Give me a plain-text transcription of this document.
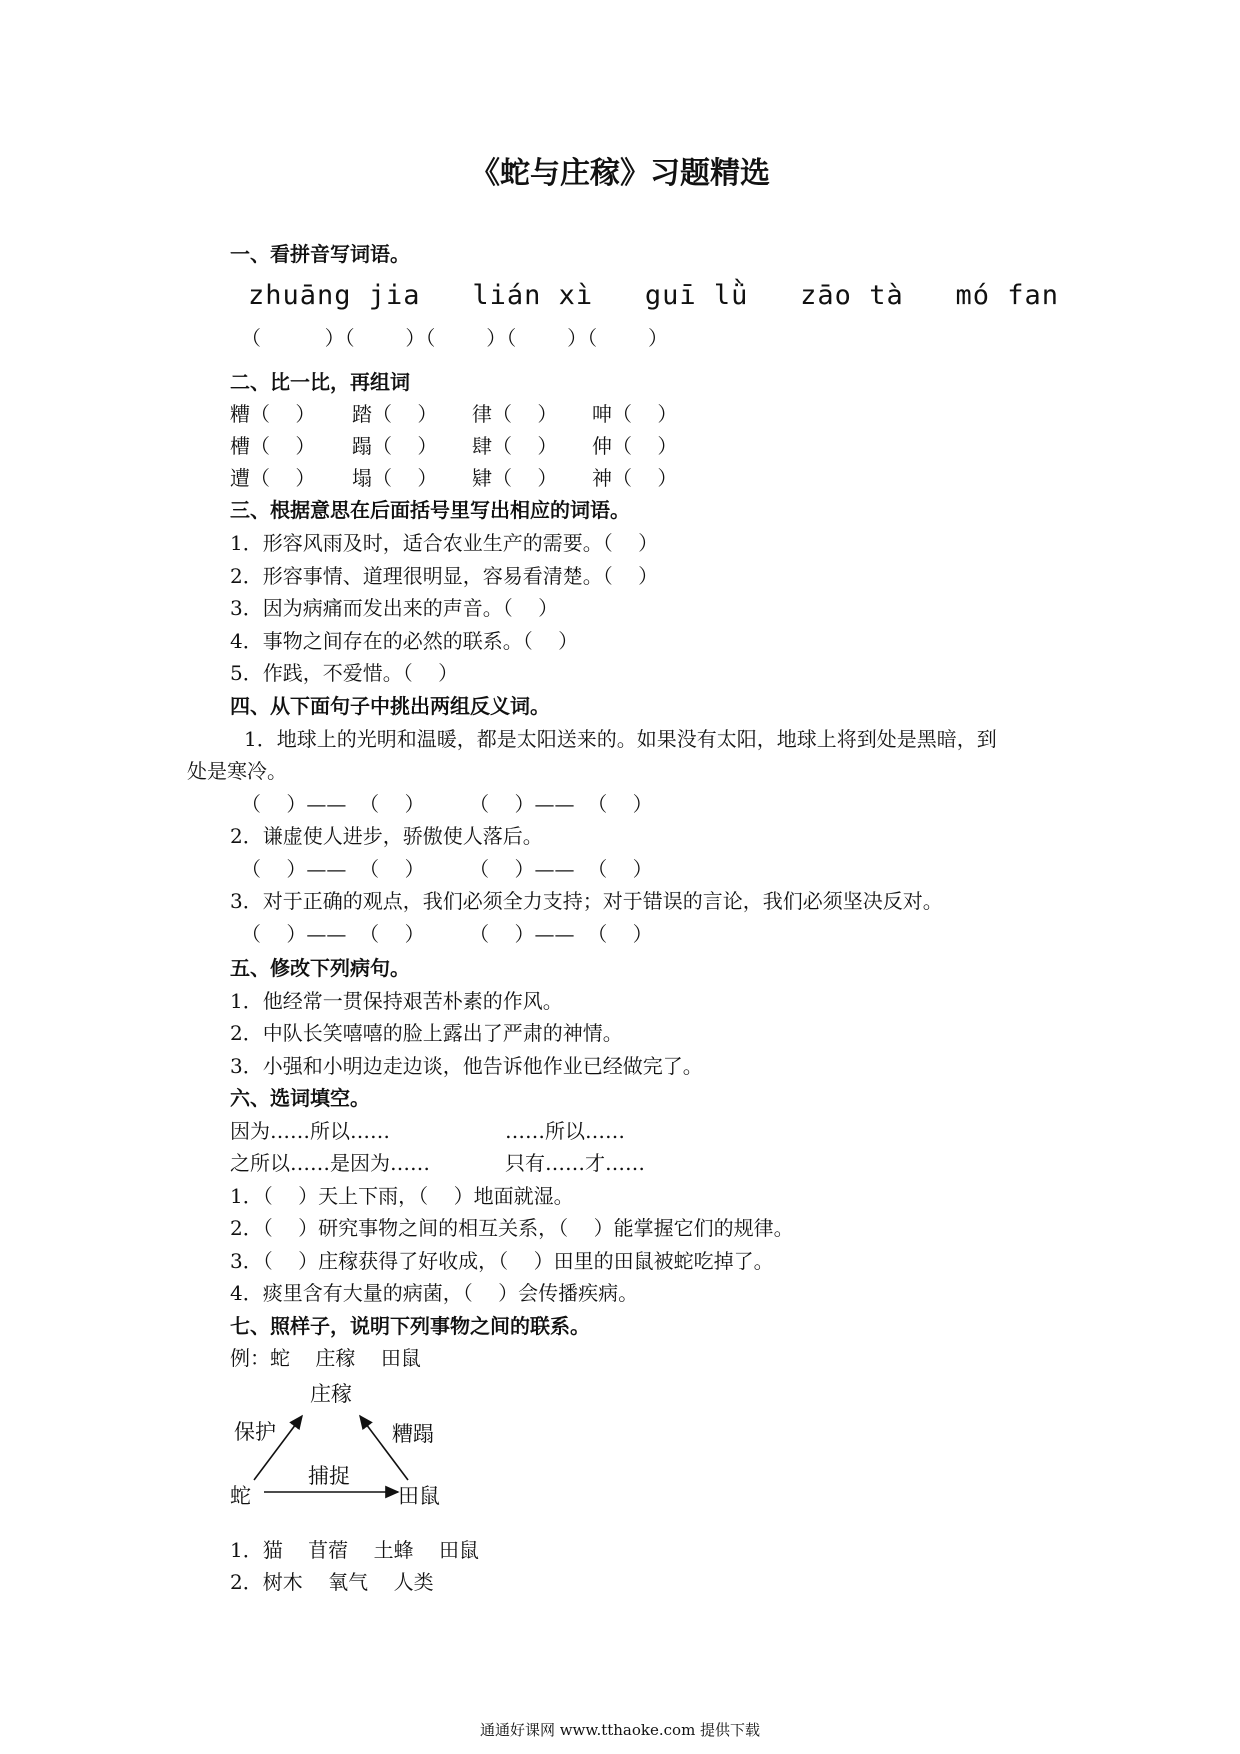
《蛇与庄稼》习题精选
一、看拼音写词语。
zhuāng jia   lián xì   guī lǜ   zāo tà   mó fan
（          ）（        ）（        ）（        ）（        ）
二、比一比，再组词
糟（    ） 踏（    ） 律（    ） 呻（    ）
槽（    ） 蹋（    ） 肆（    ） 伸（    ）
遭（    ） 塌（    ） 肄（    ） 神（    ）
三、根据意思在后面括号里写出相应的词语。
1．形容风雨及时，适合农业生产的需要。（    ）
2．形容事情、道理很明显，容易看清楚。（    ）
3．因为病痛而发出来的声音。（    ）
4．事物之间存在的必然的联系。（    ）
5．作践，不爱惜。（    ）
四、从下面句子中挑出两组反义词。
1．地球上的光明和温暖，都是太阳送来的。如果没有太阳，地球上将到处是黑暗，到
处是寒冷。
（    ）——  （    ）       （    ）——  （    ）
2．谦虚使人进步，骄傲使人落后。
（    ）——  （    ）       （    ）——  （    ）
3．对于正确的观点，我们必须全力支持；对于错误的言论，我们必须坚决反对。
（    ）——  （    ）       （    ）——  （    ）
五、修改下列病句。
1．他经常一贯保持艰苦朴素的作风。
2．中队长笑嘻嘻的脸上露出了严肃的神情。
3．小强和小明边走边谈，他告诉他作业已经做完了。
六、选词填空。
因为……所以……	……所以……
之所以……是因为……	只有……才……
1．（    ）天上下雨，（    ）地面就湿。
2．（    ）研究事物之间的相互关系，（    ）能掌握它们的规律。
3．（    ）庄稼获得了好收成，（    ）田里的田鼠被蛇吃掉了。
4．痰里含有大量的病菌，（    ）会传播疾病。
七、照样子，说明下列事物之间的联系。
例：蛇    庄稼    田鼠
庄稼
保护	糟蹋
蛇
捕捉
田鼠
1．猫    苜蓿    土蜂    田鼠
2．树木    氧气    人类
通通好课网 www.tthaoke.com 提供下载
